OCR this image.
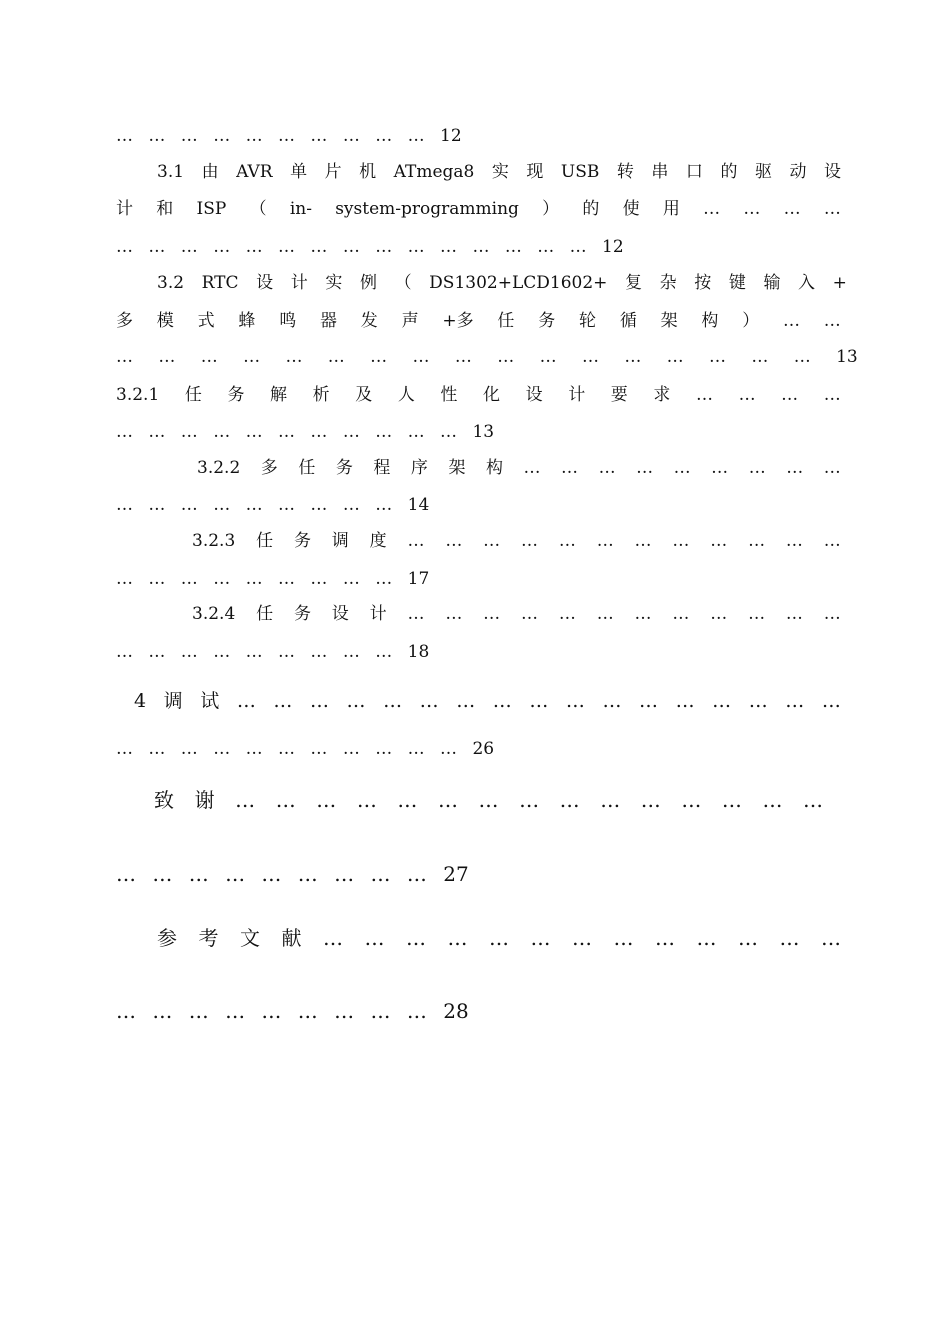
… … … … … … … … … … 12
3.1 由 AVR 单 片 机 ATmega8 实 现 USB 转 串 口 的 驱 动 设
计 和 ISP （ in- system-programming ） 的 使 用 … … … …
… … … … … … … … … … … … … … … 12
3.2 RTC 设 计 实 例 （ DS1302+LCD1602+ 复 杂 按 键 输 入 +
多 模 式 蜂 鸣 器 发 声 +多 任 务 轮 循 架 构 ） … …
… … … … … … … … … … … … … … … … … 13
3.2.1 任 务 解 析 及 人 性 化 设 计 要 求 … … … …
… … … … … … … … … … … 13
3.2.2 多 任 务 程 序 架 构 … … … … … … … … …
… … … … … … … … … 14
3.2.3 任 务 调 度 … … … … … … … … … … … …
… … … … … … … … … 17
3.2.4 任 务 设 计 … … … … … … … … … … … …
… … … … … … … … … 18
4 调 试 … … … … … … … … … … … … … … … … …
… … … … … … … … … … … 26
致 谢 … … … … … … … … … … … … … … …
… … … … … … … … … 27
参 考 文 献 … … … … … … … … … … … … …
… … … … … … … … … 28
